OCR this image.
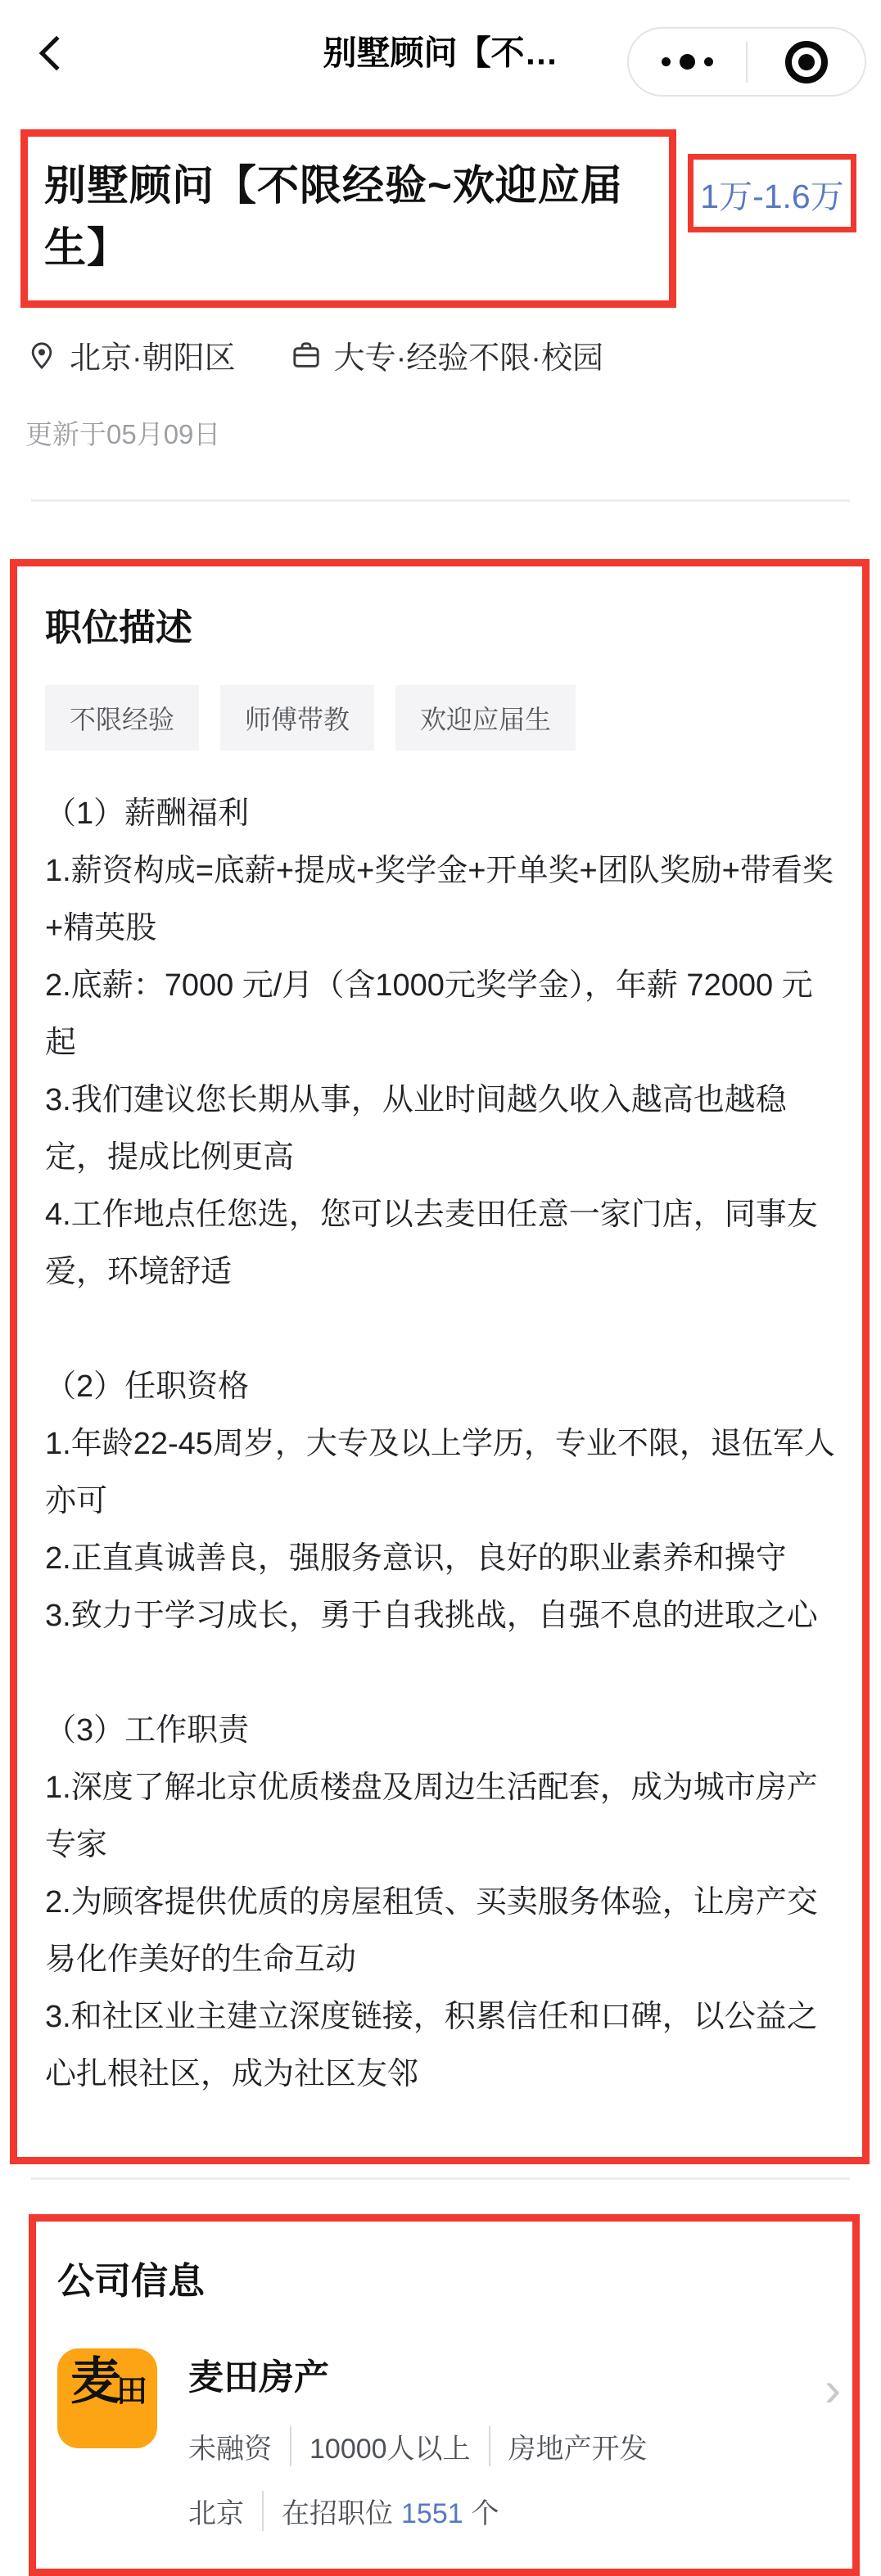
别墅顾问【不…
别墅顾问【不限经验~欢迎应届生】
1万-1.6万
北京·朝阳区	大专·经验不限·校园
更新于05月09日
职位描述
不限经验	师傅带教	欢迎应届生

（1）薪酬福利

1.薪资构成=底薪+提成+奖学金+开单奖+团队奖励+带看奖+精英股

2.底薪：7000 元/月（含1000元奖学金），年薪 72000 元起

3.我们建议您长期从事，从业时间越久收入越高也越稳定，提成比例更高

4.工作地点任您选，您可以去麦田任意一家门店，同事友爱，环境舒适

（2）任职资格

1.年龄22-45周岁，大专及以上学历，专业不限，退伍军人亦可

2.正直真诚善良，强服务意识，良好的职业素养和操守

3.致力于学习成长，勇于自我挑战，自强不息的进取之心

（3）工作职责

1.深度了解北京优质楼盘及周边生活配套，成为城市房产专家

2.为顾客提供优质的房屋租赁、买卖服务体验，让房产交易化作美好的生命互动

3.和社区业主建立深度链接，积累信任和口碑，以公益之心扎根社区，成为社区友邻

公司信息
麦
田 麦田房产
未融资	10000人以上	房地产开发
北京	在招职位 1551 个
›
